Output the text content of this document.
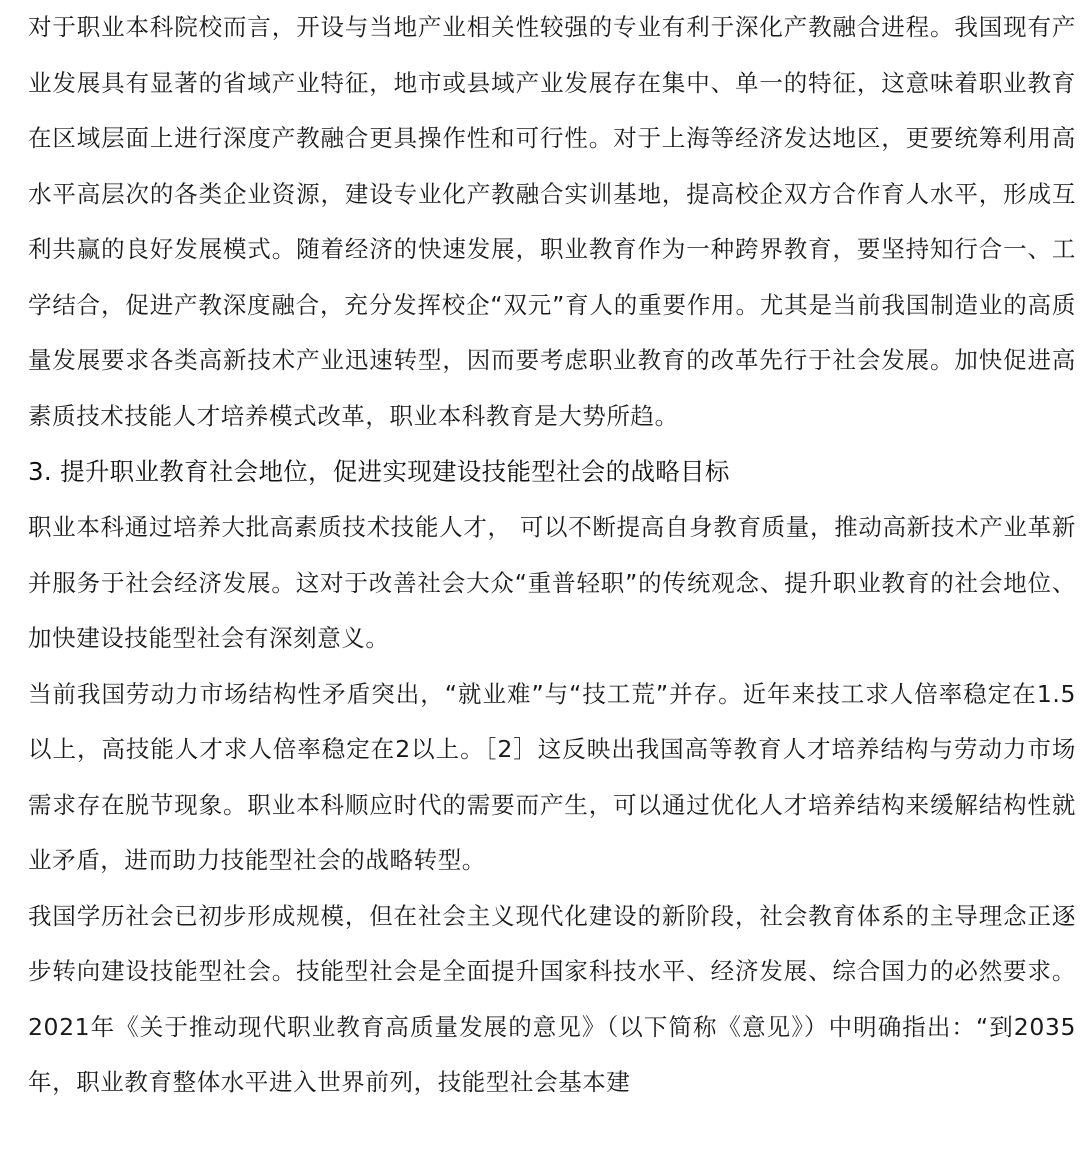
对于职业本科院校而言，开设与当地产业相关性较强的专业有利于深化产教融合进程。我国现有产业发展具有显著的省域产业特征，地市或县域产业发展存在集中、单一的特征，这意味着职业教育在区域层面上进行深度产教融合更具操作性和可行性。对于上海等经济发达地区，更要统筹利用高水平高层次的各类企业资源，建设专业化产教融合实训基地，提高校企双方合作育人水平，形成互利共赢的良好发展模式。随着经济的快速发展，职业教育作为一种跨界教育，要坚持知行合一、工学结合，促进产教深度融合，充分发挥校企“双元”育人的重要作用。尤其是当前我国制造业的高质量发展要求各类高新技术产业迅速转型，因而要考虑职业教育的改革先行于社会发展。加快促进高素质技术技能人才培养模式改革，职业本科教育是大势所趋。

3. 提升职业教育社会地位，促进实现建设技能型社会的战略目标

职业本科通过培养大批高素质技术技能人才， 可以不断提高自身教育质量，推动高新技术产业革新并服务于社会经济发展。这对于改善社会大众“重普轻职”的传统观念、提升职业教育的社会地位、加快建设技能型社会有深刻意义。

当前我国劳动力市场结构性矛盾突出，“就业难”与“技工荒”并存。近年来技工求人倍率稳定在1.5以上，高技能人才求人倍率稳定在2以上。［2］这反映出我国高等教育人才培养结构与劳动力市场需求存在脱节现象。职业本科顺应时代的需要而产生，可以通过优化人才培养结构来缓解结构性就业矛盾，进而助力技能型社会的战略转型。

我国学历社会已初步形成规模，但在社会主义现代化建设的新阶段，社会教育体系的主导理念正逐步转向建设技能型社会。技能型社会是全面提升国家科技水平、经济发展、综合国力的必然要求。2021年《关于推动现代职业教育高质量发展的意见》（以下简称《意见》）中明确指出：“到2035年，职业教育整体水平进入世界前列，技能型社会基本建
